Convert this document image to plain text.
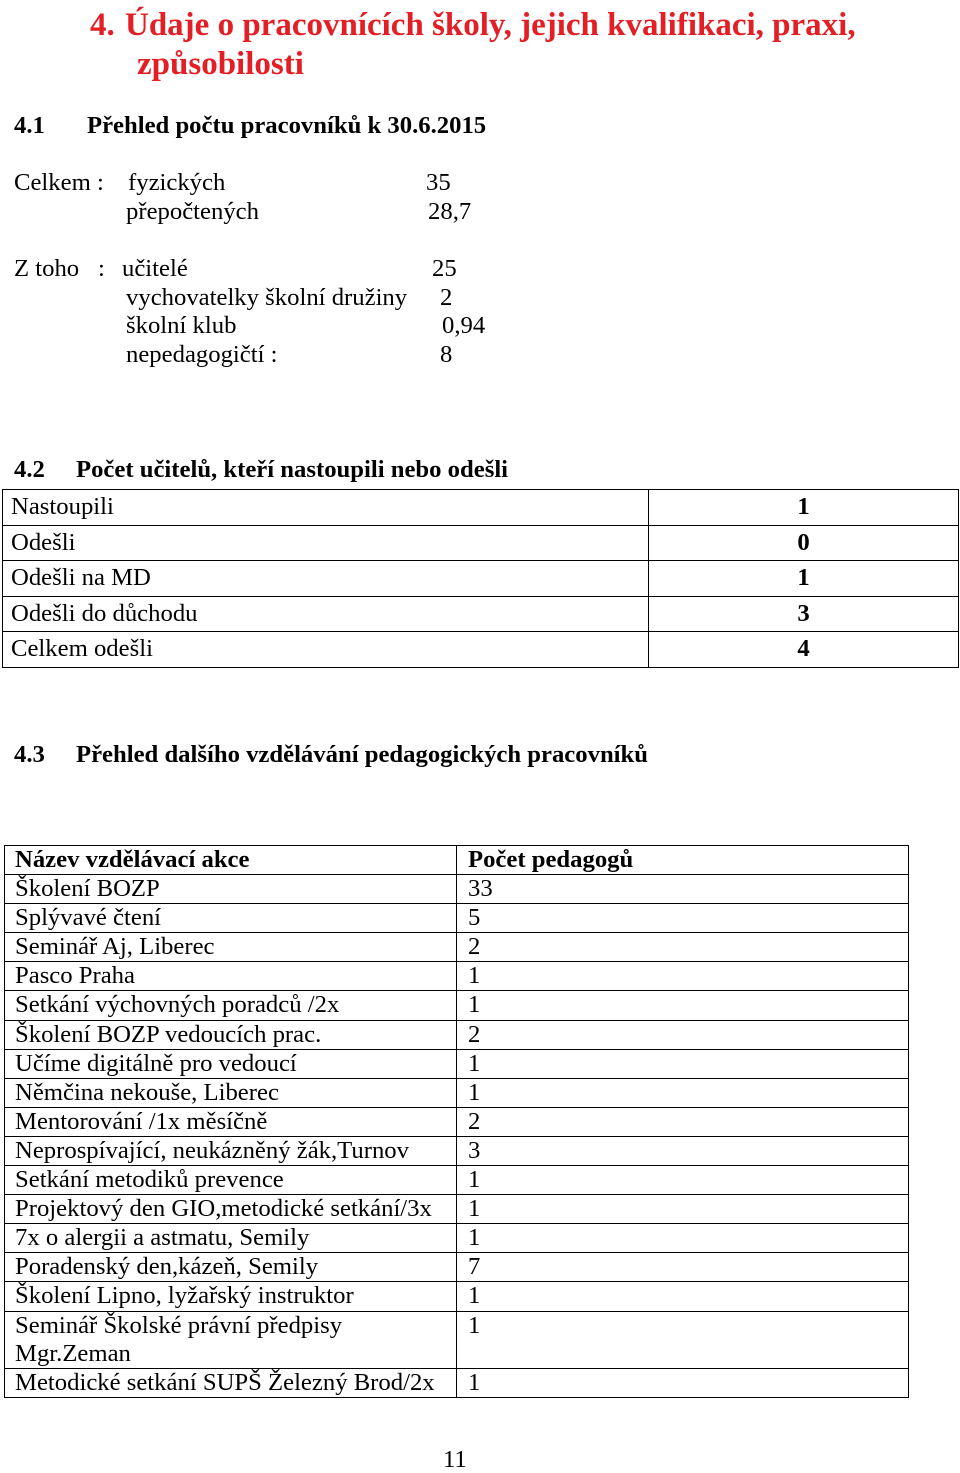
4. Údaje o pracovnících školy, jejich kvalifikaci, praxi,
způsobilosti
4.1 Přehled počtu pracovníků k 30.6.2015
Celkem : fyzických	35
přepočtených	28,7
Z toho : učitelé	25
vychovatelky školní družiny 2
školní klub	0,94
nepedagogičtí :	8
4.2 Počet učitelů, kteří nastoupili nebo odešli
Nastoupili	1
Odešli	0
Odešli na MD	1
Odešli do důchodu	3
Celkem odešli	4
4.3 Přehled dalšího vzdělávání pedagogických pracovníků
Název vzdělávací akce	Počet pedagogů
Školení BOZP	33
Splývavé čtení	5
Seminář Aj, Liberec	2
Pasco Praha	1
Setkání výchovných poradců /2x	1
Školení BOZP vedoucích prac.	2
Učíme digitálně pro vedoucí	1
Němčina nekouše, Liberec	1
Mentorování /1x měsíčně	2
Neprospívající, neukázněný žák,Turnov	3
Setkání metodiků prevence	1
Projektový den GIO,metodické setkání/3x	1
7x o alergii a astmatu, Semily	1
Poradenský den,kázeň, Semily	7
Školení Lipno, lyžařský instruktor	1
Seminář Školské právní předpisy Mgr.Zeman	1
Metodické setkání SUPŠ Železný Brod/2x	1
11
